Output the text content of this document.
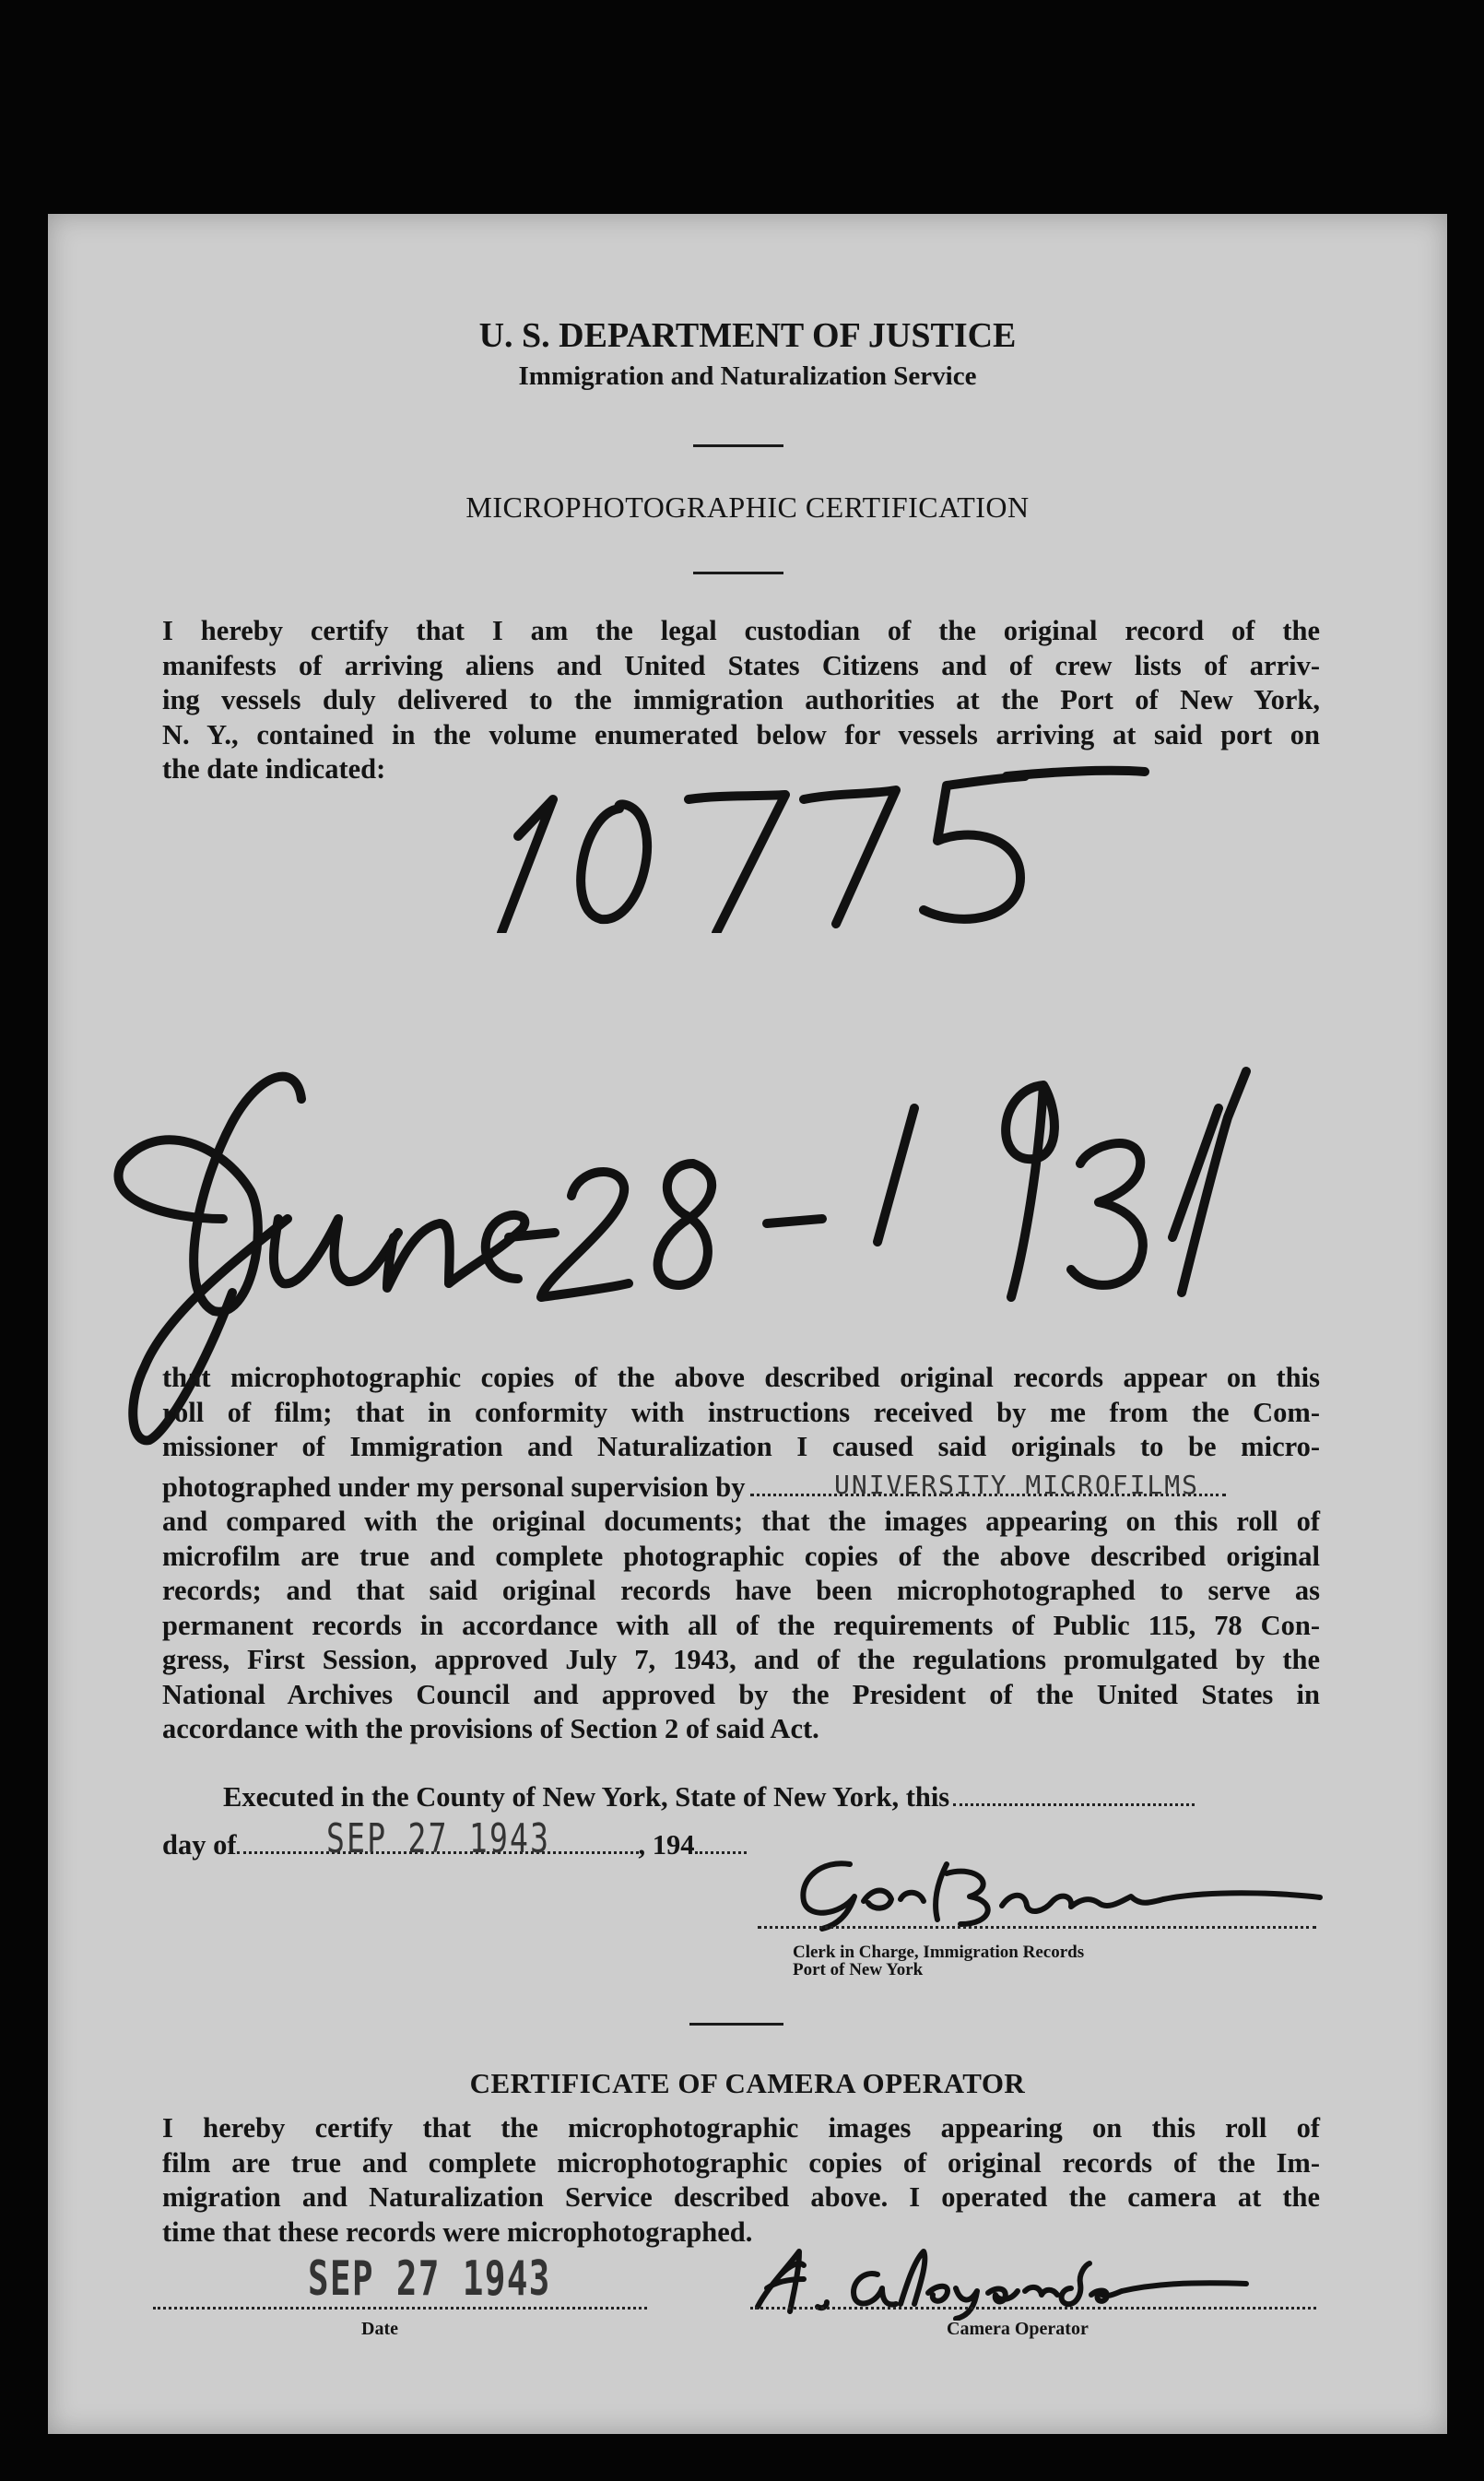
U. S. DEPARTMENT OF JUSTICE
Immigration and Naturalization Service
MICROPHOTOGRAPHIC CERTIFICATION
I hereby certify that I am the legal custodian of the original record of the
manifests of arriving aliens and United States Citizens and of crew lists of arriv-
ing vessels duly delivered to the immigration authorities at the Port of New York,
N. Y., contained in the volume enumerated below for vessels arriving at said port on
the date indicated:
that microphotographic copies of the above described original records appear on this
roll of film; that in conformity with instructions received by me from the Com-
missioner of Immigration and Naturalization I caused said originals to be micro-
photographed under my personal supervision by
and compared with the original documents; that the images appearing on this roll of
microfilm are true and complete photographic copies of the above described original
records; and that said original records have been microphotographed to serve as
permanent records in accordance with all of the requirements of Public 115, 78 Con-
gress, First Session, approved July 7, 1943, and of the regulations promulgated by the
National Archives Council and approved by the President of the United States in
accordance with the provisions of Section 2 of said Act.
UNIVERSITY MICROFILMS
Executed in the County of New York, State of New York, this
day of	, 194
SEP 27 1943
Clerk in Charge, Immigration Records
Port of New York
CERTIFICATE OF CAMERA OPERATOR
I hereby certify that the microphotographic images appearing on this roll of
film are true and complete microphotographic copies of original records of the Im-
migration and Naturalization Service described above. I operated the camera at the
time that these records were microphotographed.
SEP 27 1943
Date	Camera Operator
